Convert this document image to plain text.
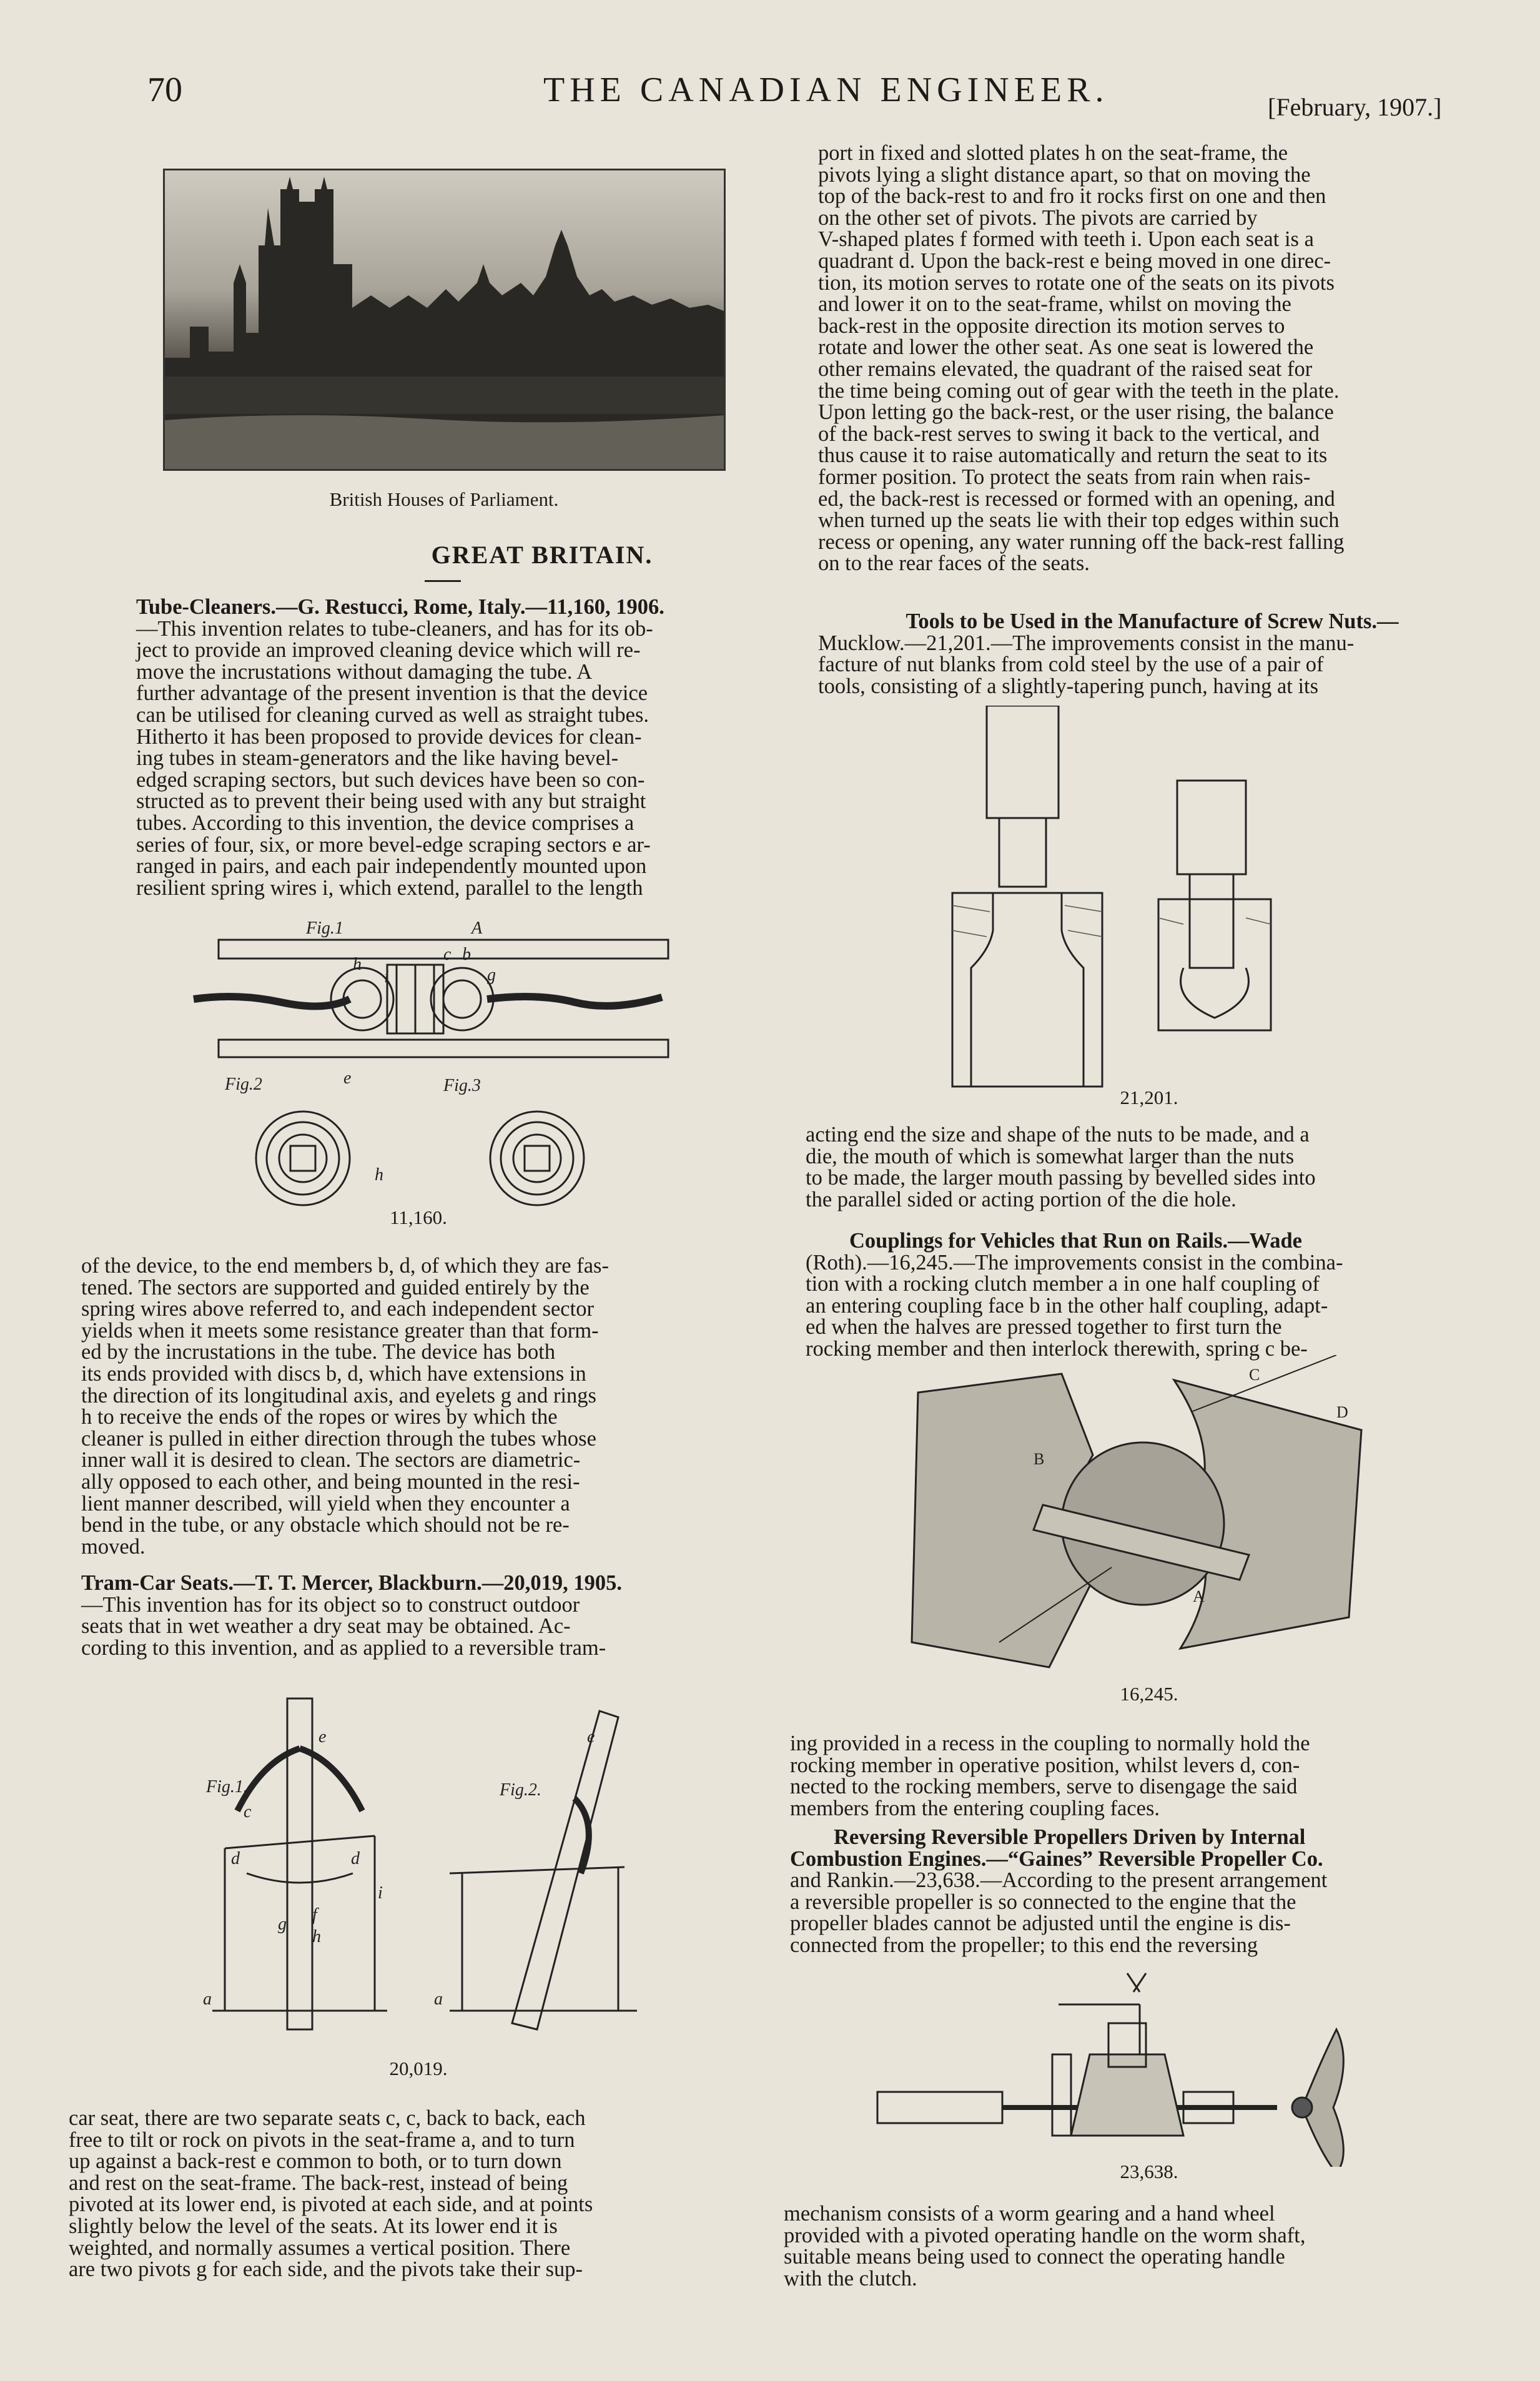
70	THE CANADIAN ENGINEER.	[February, 1907.]
British Houses of Parliament.
GREAT BRITAIN.

Tube-Cleaners.—G. Restucci, Rome, Italy.—11,160, 1906.

—This invention relates to tube-cleaners, and has for its ob-

ject to provide an improved cleaning device which will re-

move the incrustations without damaging the tube. A

further advantage of the present invention is that the device

can be utilised for cleaning curved as well as straight tubes.

Hitherto it has been proposed to provide devices for clean-

ing tubes in steam-generators and the like having bevel-

edged scraping sectors, but such devices have been so con-

structed as to prevent their being used with any but straight

tubes. According to this invention, the device comprises a

series of four, six, or more bevel-edge scraping sectors e ar-

ranged in pairs, and each pair independently mounted upon

resilient spring wires i, which extend, parallel to the length

Fig.1	A
h
i
c b
g
Fig.2	e	Fig.3
h
11,160.

of the device, to the end members b, d, of which they are fas-

tened. The sectors are supported and guided entirely by the

spring wires above referred to, and each independent sector

yields when it meets some resistance greater than that form-

ed by the incrustations in the tube. The device has both

its ends provided with discs b, d, which have extensions in

the direction of its longitudinal axis, and eyelets g and rings

h to receive the ends of the ropes or wires by which the

cleaner is pulled in either direction through the tubes whose

inner wall it is desired to clean. The sectors are diametric-

ally opposed to each other, and being mounted in the resi-

lient manner described, will yield when they encounter a

bend in the tube, or any obstacle which should not be re-

moved.

Tram-Car Seats.—T. T. Mercer, Blackburn.—20,019, 1905.

—This invention has for its object so to construct outdoor

seats that in wet weather a dry seat may be obtained. Ac-

cording to this invention, and as applied to a reversible tram-

Fig.1.	Fig.2.
e	e
c
d	d
i
g f
h
a	a
20,019.

car seat, there are two separate seats c, c, back to back, each

free to tilt or rock on pivots in the seat-frame a, and to turn

up against a back-rest e common to both, or to turn down

and rest on the seat-frame. The back-rest, instead of being

pivoted at its lower end, is pivoted at each side, and at points

slightly below the level of the seats. At its lower end it is

weighted, and normally assumes a vertical position. There

are two pivots g for each side, and the pivots take their sup-

port in fixed and slotted plates h on the seat-frame, the

pivots lying a slight distance apart, so that on moving the

top of the back-rest to and fro it rocks first on one and then

on the other set of pivots. The pivots are carried by

V-shaped plates f formed with teeth i. Upon each seat is a

quadrant d. Upon the back-rest e being moved in one direc-

tion, its motion serves to rotate one of the seats on its pivots

and lower it on to the seat-frame, whilst on moving the

back-rest in the opposite direction its motion serves to

rotate and lower the other seat. As one seat is lowered the

other remains elevated, the quadrant of the raised seat for

the time being coming out of gear with the teeth in the plate.

Upon letting go the back-rest, or the user rising, the balance

of the back-rest serves to swing it back to the vertical, and

thus cause it to raise automatically and return the seat to its

former position. To protect the seats from rain when rais-

ed, the back-rest is recessed or formed with an opening, and

when turned up the seats lie with their top edges within such

recess or opening, any water running off the back-rest falling

on to the rear faces of the seats.

Tools to be Used in the Manufacture of Screw Nuts.—

Mucklow.—21,201.—The improvements consist in the manu-

facture of nut blanks from cold steel by the use of a pair of

tools, consisting of a slightly-tapering punch, having at its

21,201.

acting end the size and shape of the nuts to be made, and a

die, the mouth of which is somewhat larger than the nuts

to be made, the larger mouth passing by bevelled sides into

the parallel sided or acting portion of the die hole.

Couplings for Vehicles that Run on Rails.—Wade

(Roth).—16,245.—The improvements consist in the combina-

tion with a rocking clutch member a in one half coupling of

an entering coupling face b in the other half coupling, adapt-

ed when the halves are pressed together to first turn the

rocking member and then interlock therewith, spring c be-

C
D
B
A
16,245.

ing provided in a recess in the coupling to normally hold the

rocking member in operative position, whilst levers d, con-

nected to the rocking members, serve to disengage the said

members from the entering coupling faces.

Reversing Reversible Propellers Driven by Internal

Combustion Engines.—“Gaines” Reversible Propeller Co.

and Rankin.—23,638.—According to the present arrangement

a reversible propeller is so connected to the engine that the

propeller blades cannot be adjusted until the engine is dis-

connected from the propeller; to this end the reversing

23,638.

mechanism consists of a worm gearing and a hand wheel

provided with a pivoted operating handle on the worm shaft,

suitable means being used to connect the operating handle

with the clutch.
